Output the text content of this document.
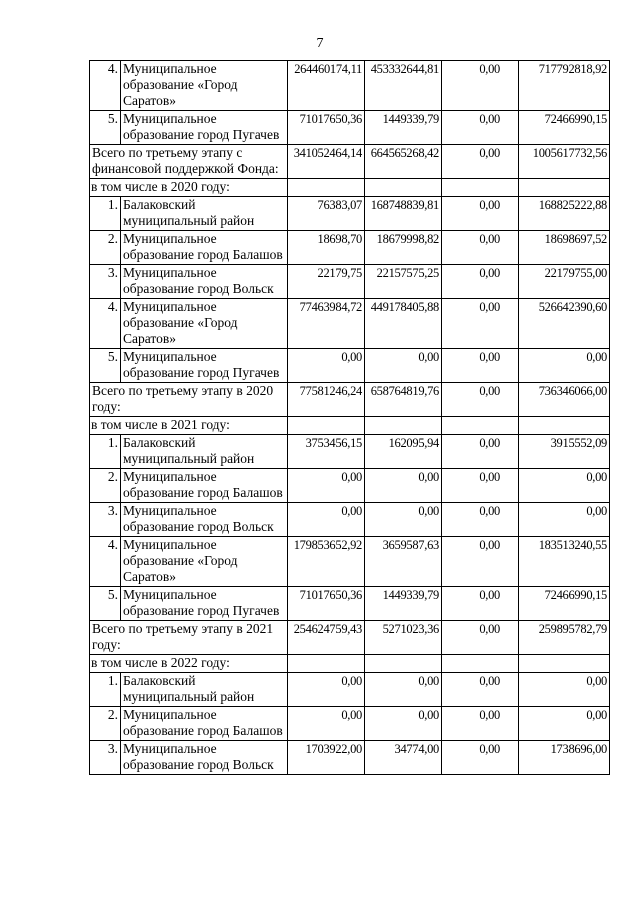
7
4.	Муниципальное образование «Город Саратов»	264460174,11	453332644,81	0,00	717792818,92
5.	Муниципальное образование город Пугачев	71017650,36	1449339,79	0,00	72466990,15
Всего по третьему этапу с финансовой поддержкой Фонда:		341052464,14	664565268,42	0,00	1005617732,56
в том числе в 2020 году:					
1.	Балаковский муниципальный район	76383,07	168748839,81	0,00	168825222,88
2.	Муниципальное образование город Балашов	18698,70	18679998,82	0,00	18698697,52
3.	Муниципальное образование город Вольск	22179,75	22157575,25	0,00	22179755,00
4.	Муниципальное образование «Город Саратов»	77463984,72	449178405,88	0,00	526642390,60
5.	Муниципальное образование город Пугачев	0,00	0,00	0,00	0,00
Всего по третьему этапу в 2020 году:		77581246,24	658764819,76	0,00	736346066,00
в том числе в 2021 году:					
1.	Балаковский муниципальный район	3753456,15	162095,94	0,00	3915552,09
2.	Муниципальное образование город Балашов	0,00	0,00	0,00	0,00
3.	Муниципальное образование город Вольск	0,00	0,00	0,00	0,00
4.	Муниципальное образование «Город Саратов»	179853652,92	3659587,63	0,00	183513240,55
5.	Муниципальное образование город Пугачев	71017650,36	1449339,79	0,00	72466990,15
Всего по третьему этапу в 2021 году:		254624759,43	5271023,36	0,00	259895782,79
в том числе в 2022 году:					
1.	Балаковский муниципальный район	0,00	0,00	0,00	0,00
2.	Муниципальное образование город Балашов	0,00	0,00	0,00	0,00
3.	Муниципальное образование город Вольск	1703922,00	34774,00	0,00	1738696,00
